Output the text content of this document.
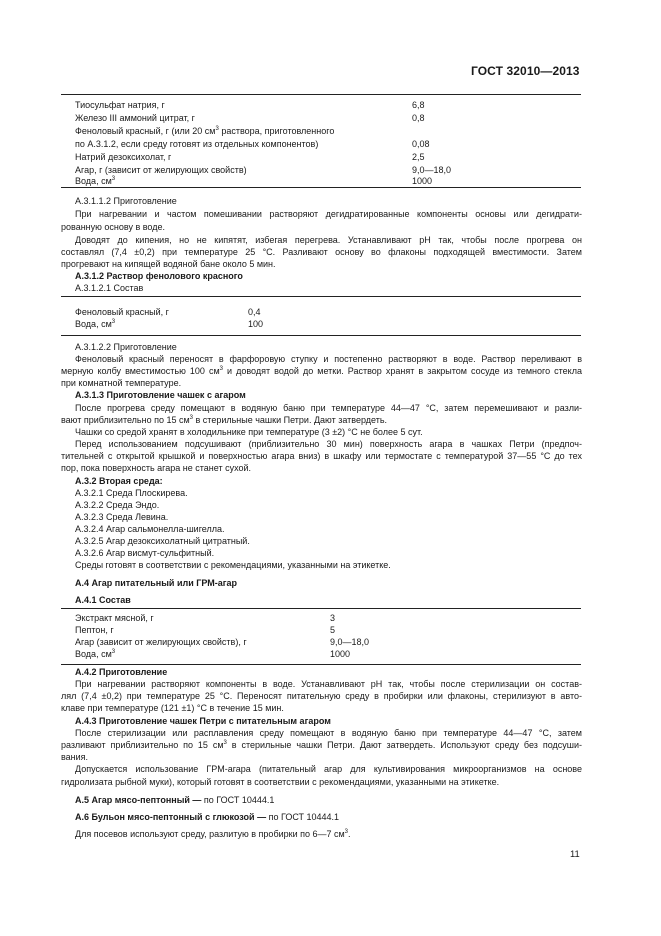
ГОСТ 32010—2013
Тиосульфат натрия, г	6,8
Железо III аммоний цитрат, г	0,8
Феноловый красный, г (или 20 $см^3$ раствора, приготовленного
по А.3.1.2, если среду готовят из отдельных компонентов)	0,08
Натрий дезоксихолат, г	2,5
Агар, г (зависит от желирующих свойств)	9,0—18,0
Вода, $см^3$	1000
А.3.1.1.2 Приготовление
При нагревании и частом помешивании растворяют дегидратированные компоненты основы или дегидрати-
рованную основу в воде.
Доводят до кипения, но не кипятят, избегая перегрева. Устанавливают pH так, чтобы после прогрева он
составлял (7,4 ±0,2) при температуре 25 °С. Разливают основу во флаконы подходящей вместимости. Затем
прогревают на кипящей водяной бане около 5 мин.
А.3.1.2 Раствор фенолового красного
А.3.1.2.1 Состав
Феноловый красный, г	0,4
Вода, $см^3$	100
А.3.1.2.2 Приготовление
Феноловый красный переносят в фарфоровую ступку и постепенно растворяют в воде. Раствор переливают в
мерную колбу вместимостью 100 $см^3$ и доводят водой до метки. Раствор хранят в закрытом сосуде из темного стекла
при комнатной температуре.
А.3.1.3 Приготовление чашек с агаром
После прогрева среду помещают в водяную баню при температуре 44—47 °С, затем перемешивают и разли-
вают приблизительно по 15 $см^3$ в стерильные чашки Петри. Дают затвердеть.
Чашки со средой хранят в холодильнике при температуре (3 ±2) °С не более 5 сут.
Перед использованием подсушивают (приблизительно 30 мин) поверхность агара в чашках Петри (предпоч-
тительней с открытой крышкой и поверхностью агара вниз) в шкафу или термостате с температурой 37—55 °С до тех
пор, пока поверхность агара не станет сухой.
А.3.2 Вторая среда:
А.3.2.1 Среда Плоскирева.
А.3.2.2 Среда Эндо.
А.3.2.3 Среда Левина.
А.3.2.4 Агар сальмонелла-шигелла.
А.3.2.5 Агар дезоксихолатный цитратный.
А.3.2.6 Агар висмут-сульфитный.
Среды готовят в соответствии с рекомендациями, указанными на этикетке.
А.4 Агар питательный или ГРМ-агар
А.4.1 Состав
Экстракт мясной, г	3
Пептон, г	5
Агар (зависит от желирующих свойств), г	9,0—18,0
Вода, $см^3$	1000
А.4.2 Приготовление
При нагревании растворяют компоненты в воде. Устанавливают pH так, чтобы после стерилизации он состав-
лял (7,4 ±0,2) при температуре 25 °С. Переносят питательную среду в пробирки или флаконы, стерилизуют в авто-
клаве при температуре (121 ±1) °С в течение 15 мин.
А.4.3 Приготовление чашек Петри с питательным агаром
После стерилизации или расплавления среду помещают в водяную баню при температуре 44—47 °С, затем
разливают приблизительно по 15 $см^3$ в стерильные чашки Петри. Дают затвердеть. Используют среду без подсуши-
вания.
Допускается использование ГРМ-агара (питательный агар для культивирования микроорганизмов на основе
гидролизата рыбной муки), который готовят в соответствии с рекомендациями, указанными на этикетке.
А.5 Агар мясо-пептонный — по ГОСТ 10444.1
А.6 Бульон мясо-пептонный с глюкозой — по ГОСТ 10444.1
Для посевов используют среду, разлитую в пробирки по 6—7 $см^3$.
11
